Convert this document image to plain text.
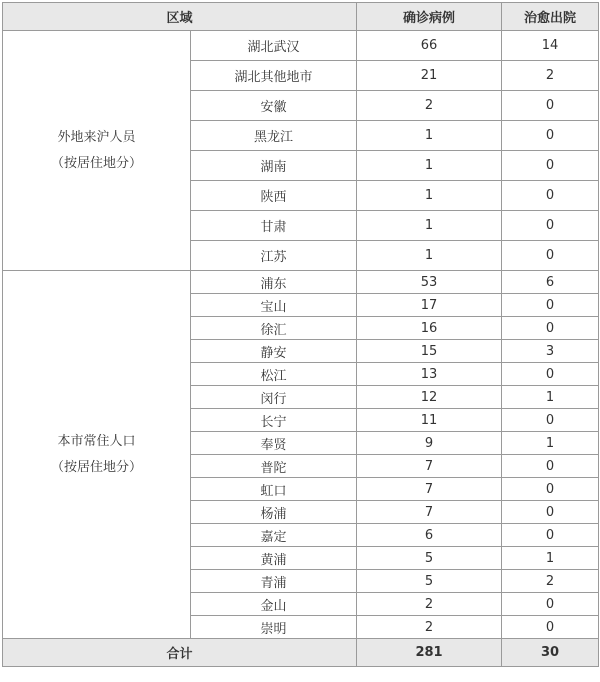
区域		确诊病例	治愈出院

外地来沪人员
（按居住地分）	湖北武汉	66	14
	湖北其他地市	21	2
	安徽	2	0
	黑龙江	1	0
	湖南	1	0
	陕西	1	0
	甘肃	1	0
	江苏	1	0

本市常住人口
（按居住地分）	浦东	53	6
	宝山	17	0
	徐汇	16	0
	静安	15	3
	松江	13	0
	闵行	12	1
	长宁	11	0
	奉贤	9	1
	普陀	7	0
	虹口	7	0
	杨浦	7	0
	嘉定	6	0
	黄浦	5	1
	青浦	5	2
	金山	2	0
	崇明	2	0
合计		281	30
